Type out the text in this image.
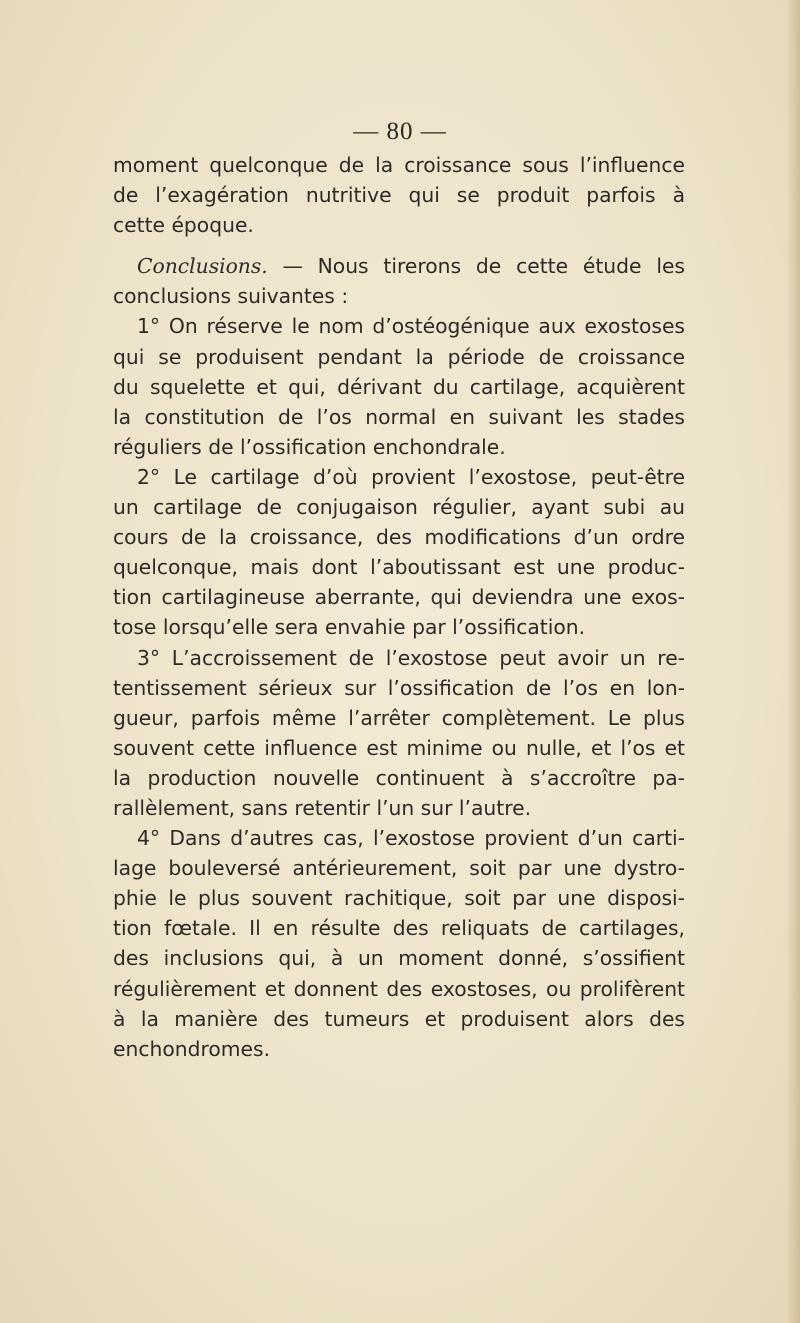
— 80 —
moment quelconque de la croissance sous l’influence
de l’exagération nutritive qui se produit parfois à
cette époque.
Conclusions. — Nous tirerons de cette étude les
conclusions suivantes :
1° On réserve le nom d’ostéogénique aux exostoses
qui se produisent pendant la période de croissance
du squelette et qui, dérivant du cartilage, acquièrent
la constitution de l’os normal en suivant les stades
réguliers de l’ossification enchondrale.
2° Le cartilage d’où provient l’exostose, peut-être
un cartilage de conjugaison régulier, ayant subi au
cours de la croissance, des modifications d’un ordre
quelconque, mais dont l’aboutissant est une produc-
tion cartilagineuse aberrante, qui deviendra une exos-
tose lorsqu’elle sera envahie par l’ossification.
3° L’accroissement de l’exostose peut avoir un re-
tentissement sérieux sur l’ossification de l’os en lon-
gueur, parfois même l’arrêter complètement. Le plus
souvent cette influence est minime ou nulle, et l’os et
la production nouvelle continuent à s’accroître pa-
rallèlement, sans retentir l’un sur l’autre.
4° Dans d’autres cas, l’exostose provient d’un carti-
lage bouleversé antérieurement, soit par une dystro-
phie le plus souvent rachitique, soit par une disposi-
tion fœtale. Il en résulte des reliquats de cartilages,
des inclusions qui, à un moment donné, s’ossifient
régulièrement et donnent des exostoses, ou prolifèrent
à la manière des tumeurs et produisent alors des
enchondromes.
